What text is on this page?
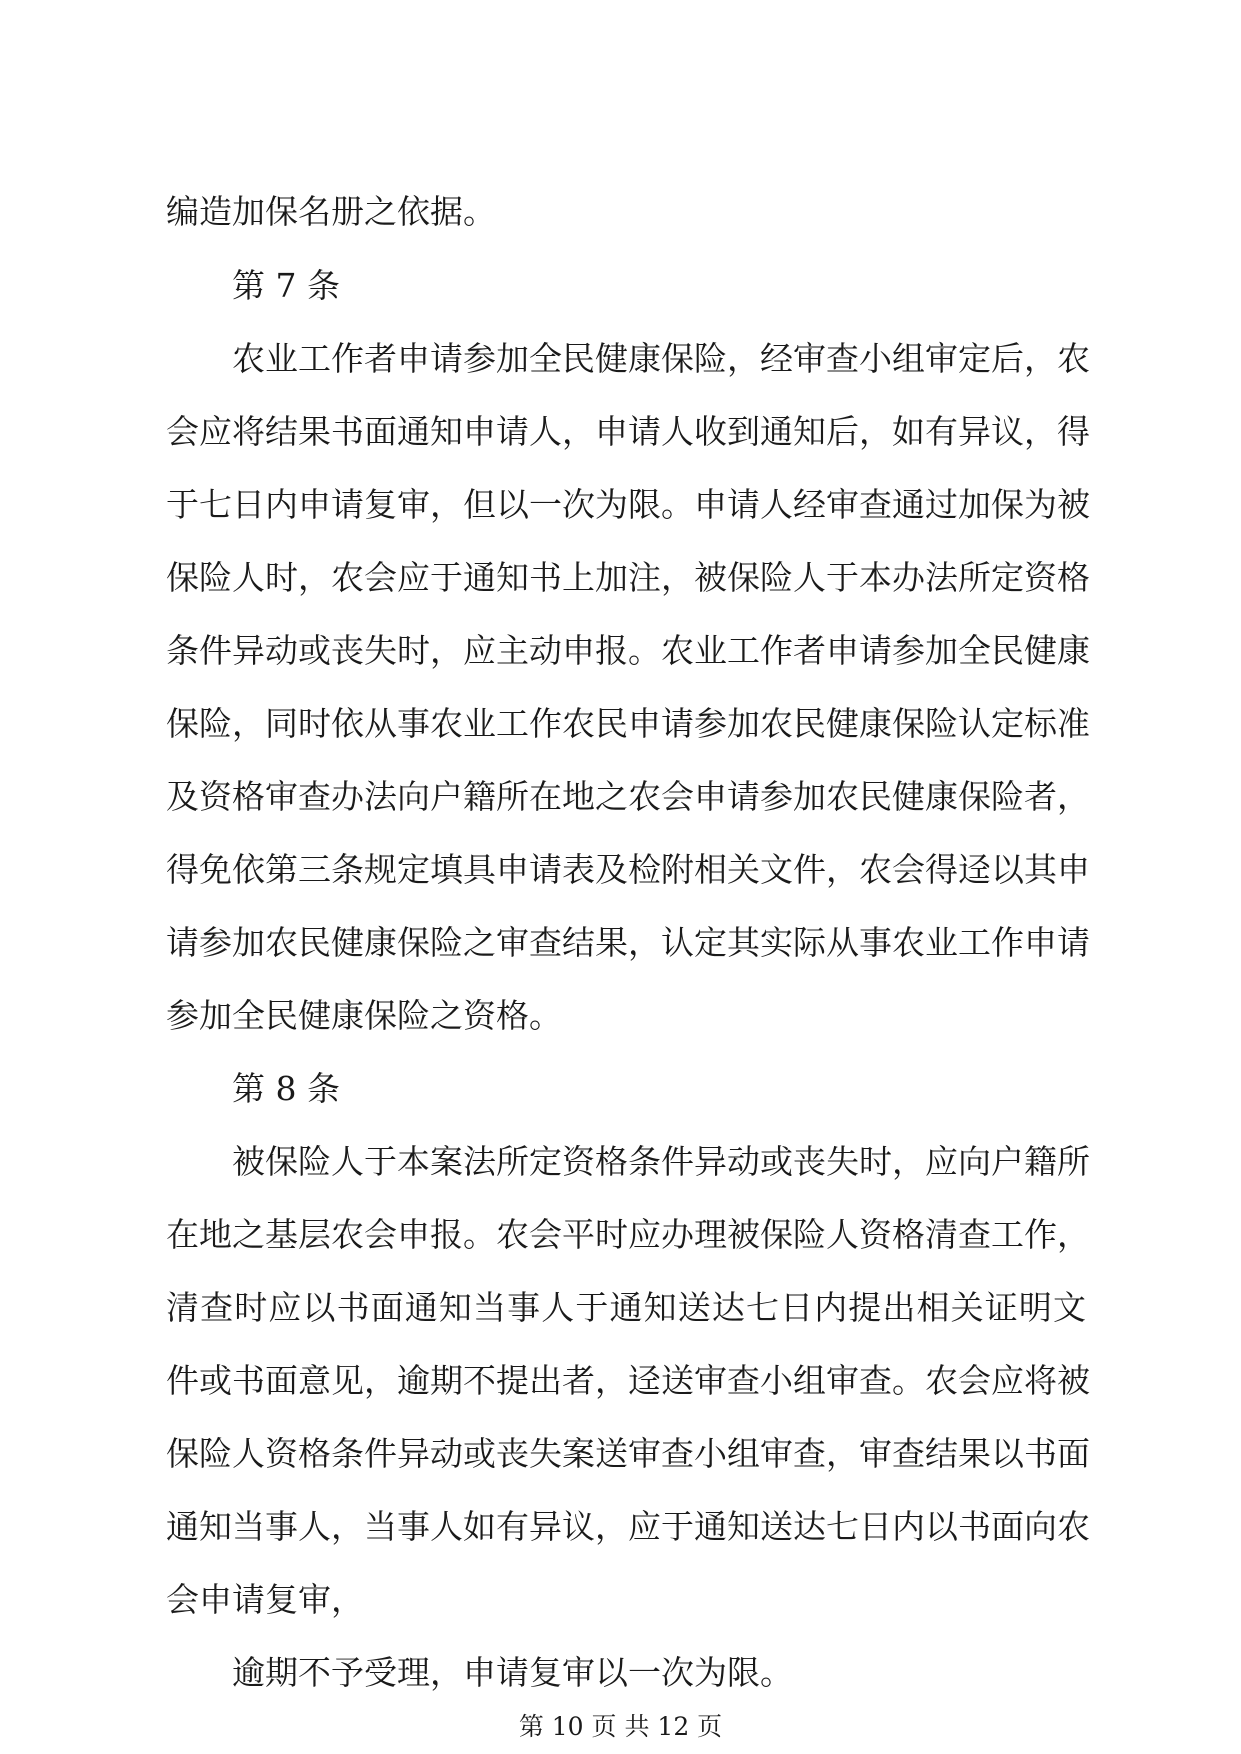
编造加保名册之依据。
第 7 条
农业工作者申请参加全民健康保险，经审查小组审定后，农
会应将结果书面通知申请人，申请人收到通知后，如有异议，得
于七日内申请复审，但以一次为限。申请人经审查通过加保为被
保险人时，农会应于通知书上加注，被保险人于本办法所定资格
条件异动或丧失时，应主动申报。农业工作者申请参加全民健康
保险，同时依从事农业工作农民申请参加农民健康保险认定标准
及资格审查办法向户籍所在地之农会申请参加农民健康保险者，
得免依第三条规定填具申请表及检附相关文件，农会得迳以其申
请参加农民健康保险之审查结果，认定其实际从事农业工作申请
参加全民健康保险之资格。
第 8 条
被保险人于本案法所定资格条件异动或丧失时，应向户籍所
在地之基层农会申报。农会平时应办理被保险人资格清查工作，
清查时应以书面通知当事人于通知送达七日内提出相关证明文
件或书面意见，逾期不提出者，迳送审查小组审查。农会应将被
保险人资格条件异动或丧失案送审查小组审查，审查结果以书面
通知当事人，当事人如有异议，应于通知送达七日内以书面向农
会申请复审，
逾期不予受理，申请复审以一次为限。
第 10 页 共 12 页
